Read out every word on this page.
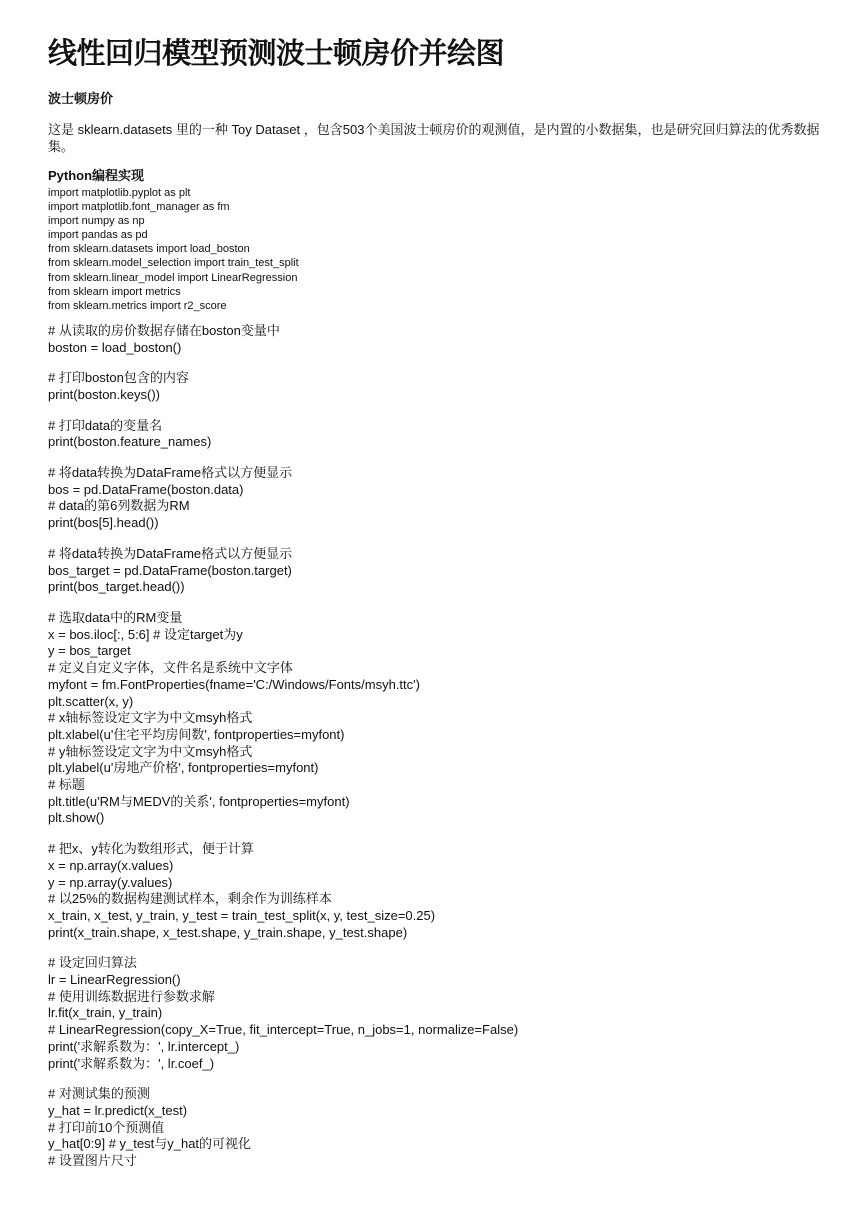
线性回归模型预测波士顿房价并绘图
波士顿房价

这是 sklearn.datasets 里的一种 Toy Dataset ，包含503个美国波士顿房价的观测值，是内置的小数据集，也是研究回归算法的优秀数据集。

Python编程实现
import matplotlib.pyplot as plt
import matplotlib.font_manager as fm
import numpy as np
import pandas as pd
from sklearn.datasets import load_boston
from sklearn.model_selection import train_test_split
from sklearn.linear_model import LinearRegression
from sklearn import metrics
from sklearn.metrics import r2_score
# 从读取的房价数据存储在boston变量中
boston = load_boston()
# 打印boston包含的内容
print(boston.keys())
# 打印data的变量名
print(boston.feature_names)
# 将data转换为DataFrame格式以方便显示
bos = pd.DataFrame(boston.data)
# data的第6列数据为RM
print(bos[5].head())
# 将data转换为DataFrame格式以方便显示
bos_target = pd.DataFrame(boston.target)
print(bos_target.head())
# 选取data中的RM变量
x = bos.iloc[:, 5:6] # 设定target为y
y = bos_target
# 定义自定义字体，文件名是系统中文字体
myfont = fm.FontProperties(fname='C:/Windows/Fonts/msyh.ttc')
plt.scatter(x, y)
# x轴标签设定文字为中文msyh格式
plt.xlabel(u'住宅平均房间数', fontproperties=myfont)
# y轴标签设定文字为中文msyh格式
plt.ylabel(u'房地产价格', fontproperties=myfont)
# 标题
plt.title(u'RM与MEDV的关系', fontproperties=myfont)
plt.show()
# 把x、y转化为数组形式，便于计算
x = np.array(x.values)
y = np.array(y.values)
# 以25%的数据构建测试样本，剩余作为训练样本
x_train, x_test, y_train, y_test = train_test_split(x, y, test_size=0.25)
print(x_train.shape, x_test.shape, y_train.shape, y_test.shape)
# 设定回归算法
lr = LinearRegression()
# 使用训练数据进行参数求解
lr.fit(x_train, y_train)
# LinearRegression(copy_X=True, fit_intercept=True, n_jobs=1, normalize=False)
print('求解系数为：', lr.intercept_)
print('求解系数为：', lr.coef_)
# 对测试集的预测
y_hat = lr.predict(x_test)
# 打印前10个预测值
y_hat[0:9] # y_test与y_hat的可视化
# 设置图片尺寸
